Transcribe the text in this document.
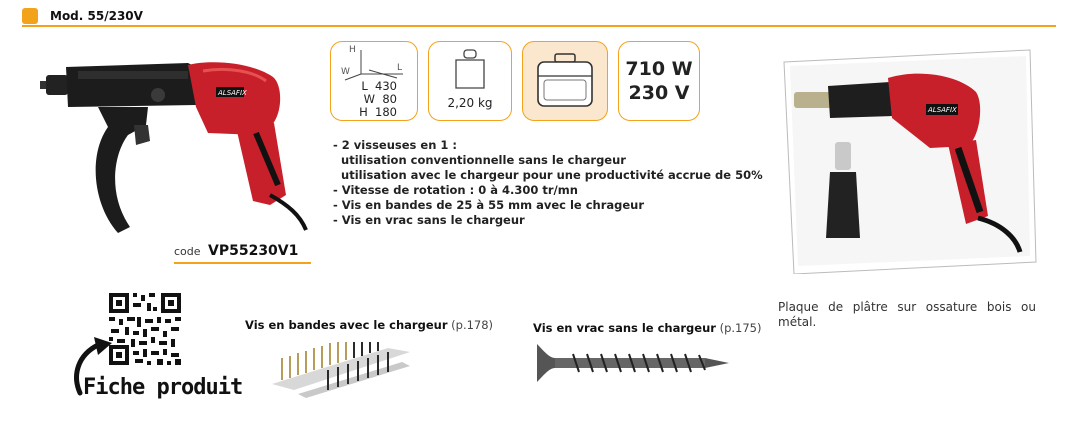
Mod. 55/230V
ALSAFIX
H
W	L
L  430
W  80
H  180
2,20 kg
710 W
230 V
- 2 visseuses en 1 :
utilisation conventionnelle sans le chargeur
utilisation avec le chargeur pour une productivité accrue de 50%
- Vitesse de rotation : 0 à 4.300 tr/mn
- Vis en bandes de 25 à 55 mm avec le chrageur
- Vis en vrac sans le chargeur
code VP55230V1
ALSAFIX
Plaque de plâtre sur ossature bois ou métal.
Fiche produit
Vis en bandes avec le chargeur (p.178)	Vis en vrac sans le chargeur (p.175)
